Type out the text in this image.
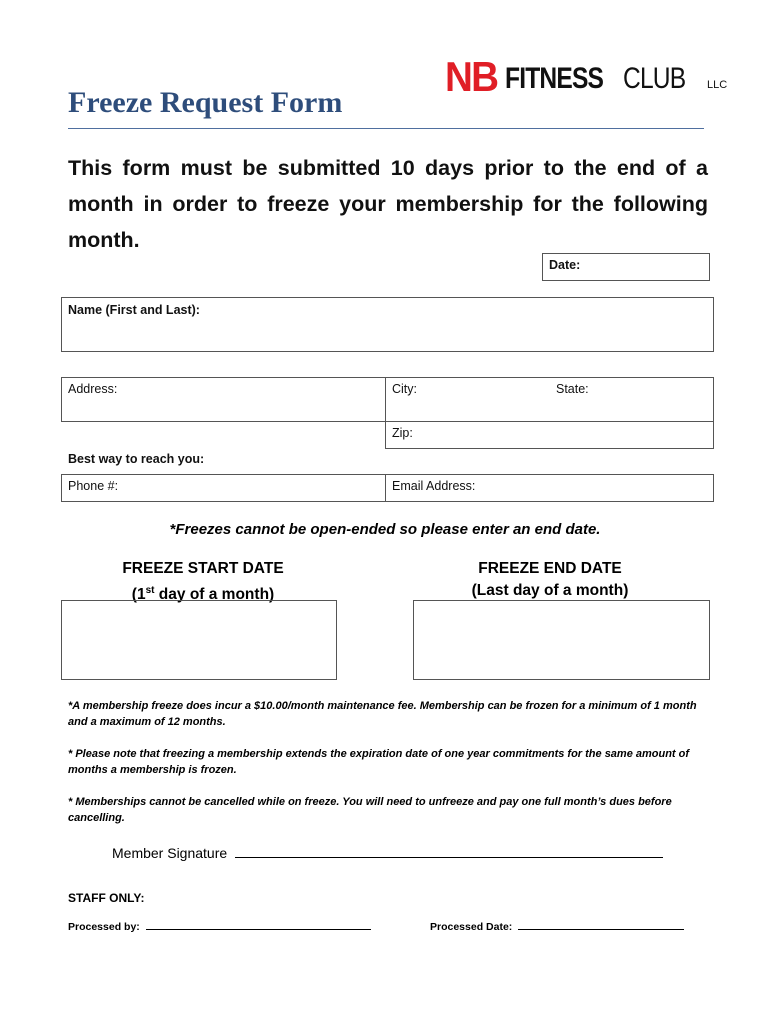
NB FITNESS CLUB LLC
Freeze Request Form
This form must be submitted 10 days prior to the end of a month in order to freeze your membership for the following month.
Date:
Name (First and Last):
Address:	City:	State:
Zip:
Best way to reach you:
Phone #:	Email Address:
*Freezes cannot be open-ended so please enter an end date.
FREEZE START DATE
(1st day of a month)
FREEZE END DATE
(Last day of a month)
*A membership freeze does incur a $10.00/month maintenance fee. Membership can be frozen for a minimum of 1 month and a maximum of 12 months.
* Please note that freezing a membership extends the expiration date of one year commitments for the same amount of months a membership is frozen.
* Memberships cannot be cancelled while on freeze. You will need to unfreeze and pay one full month’s dues before cancelling.
Member Signature
STAFF ONLY:
Processed by:	Processed Date:
